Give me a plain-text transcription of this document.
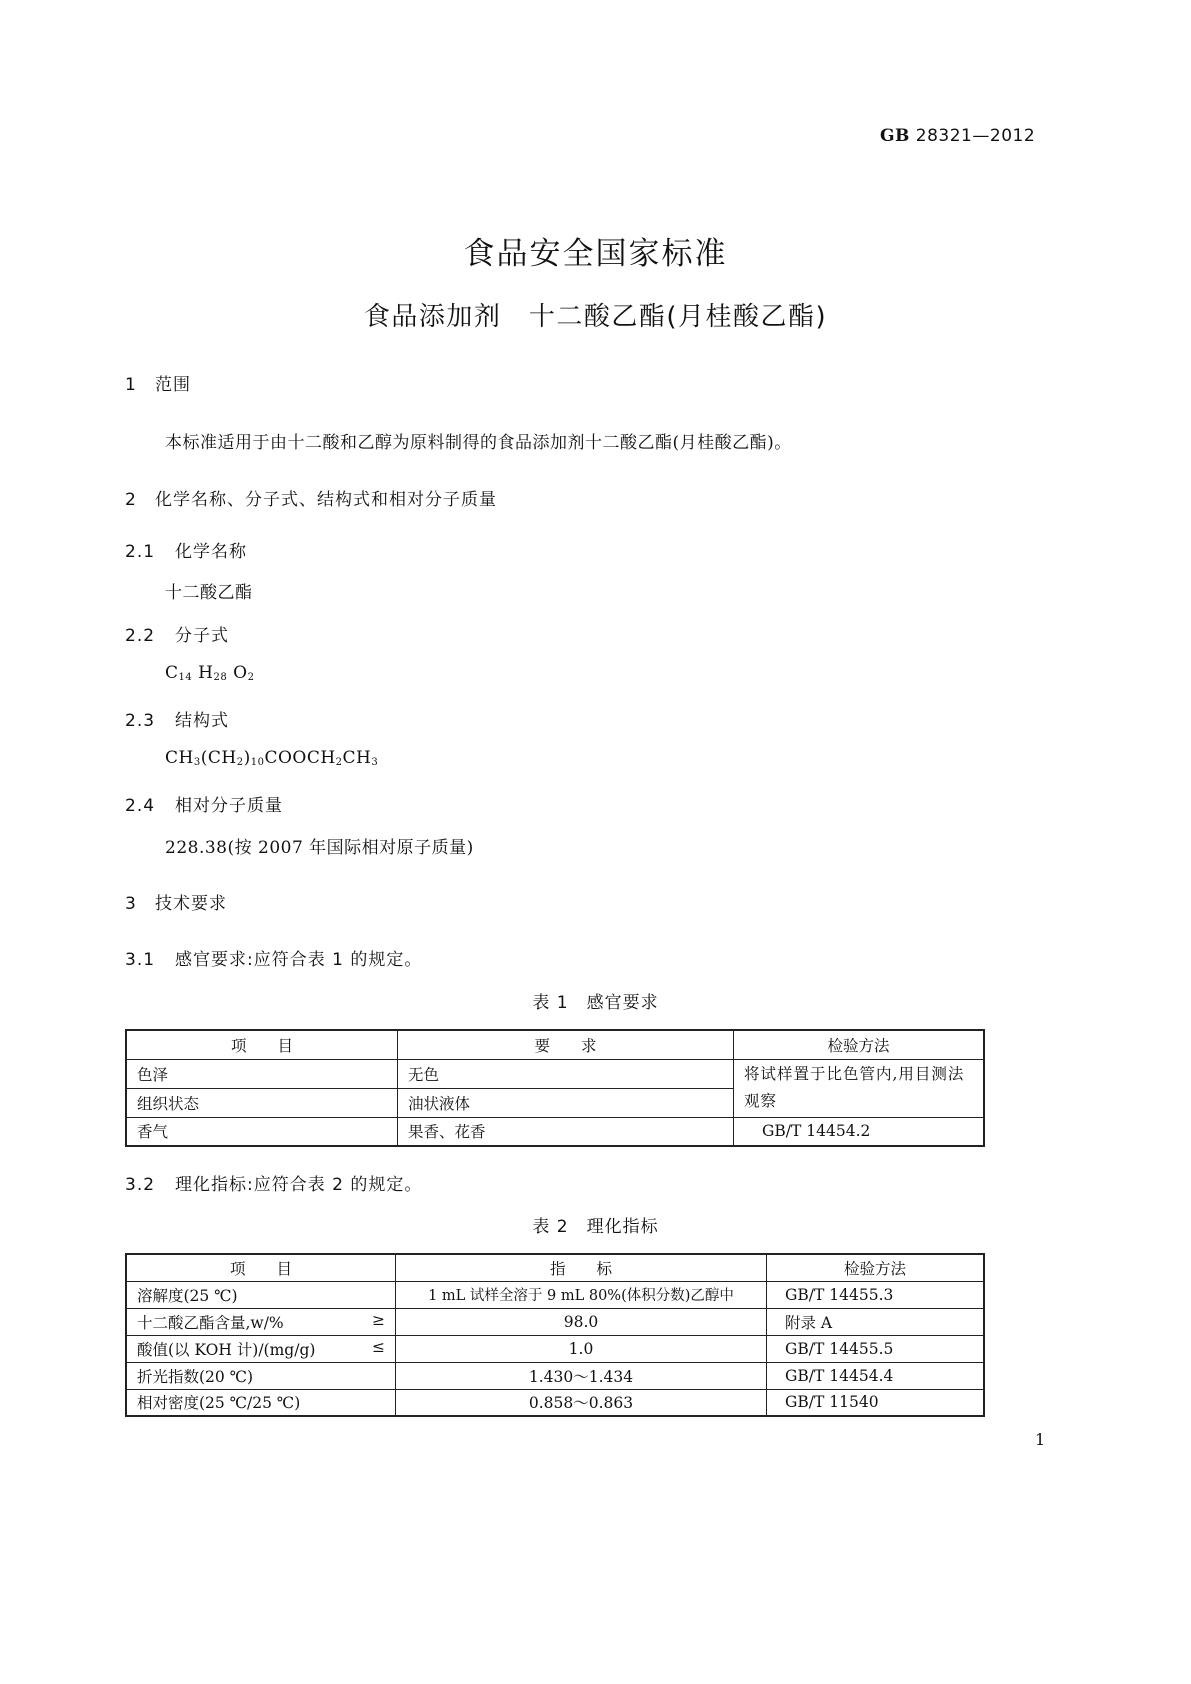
GB 28321—2012
食品安全国家标准
食品添加剂　十二酸乙酯(月桂酸乙酯)
1 范围
本标准适用于由十二酸和乙醇为原料制得的食品添加剂十二酸乙酯(月桂酸乙酯)。
2 化学名称、分子式、结构式和相对分子质量
2.1 化学名称
十二酸乙酯
2.2 分子式
$C_{14}$ $H_{28}$ $O_2$
2.3 结构式
$CH_3(CH_2)_{10}COOCH_2CH_3$
2.4 相对分子质量
228.38(按 2007 年国际相对原子质量)
3 技术要求
3.1 感官要求:应符合表 1 的规定。
表 1　感官要求
项　　目	要　　求	检验方法
色泽	无色	将试样置于比色管内,用目测法观察
组织状态	油状液体	
香气	果香、花香	GB/T 14454.2
3.2 理化指标:应符合表 2 的规定。
表 2　理化指标
项　　目	指　　标	检验方法
溶解度(25 ℃)	1 mL 试样全溶于 9 mL 80%(体积分数)乙醇中	GB/T 14455.3
十二酸乙酯含量,w/% ≥	98.0	附录 A
酸值(以 KOH 计)/(mg/g) ≤	1.0	GB/T 14455.5
折光指数(20 ℃)	1.430～1.434	GB/T 14454.4
相对密度(25 ℃/25 ℃)	0.858～0.863	GB/T 11540
1
